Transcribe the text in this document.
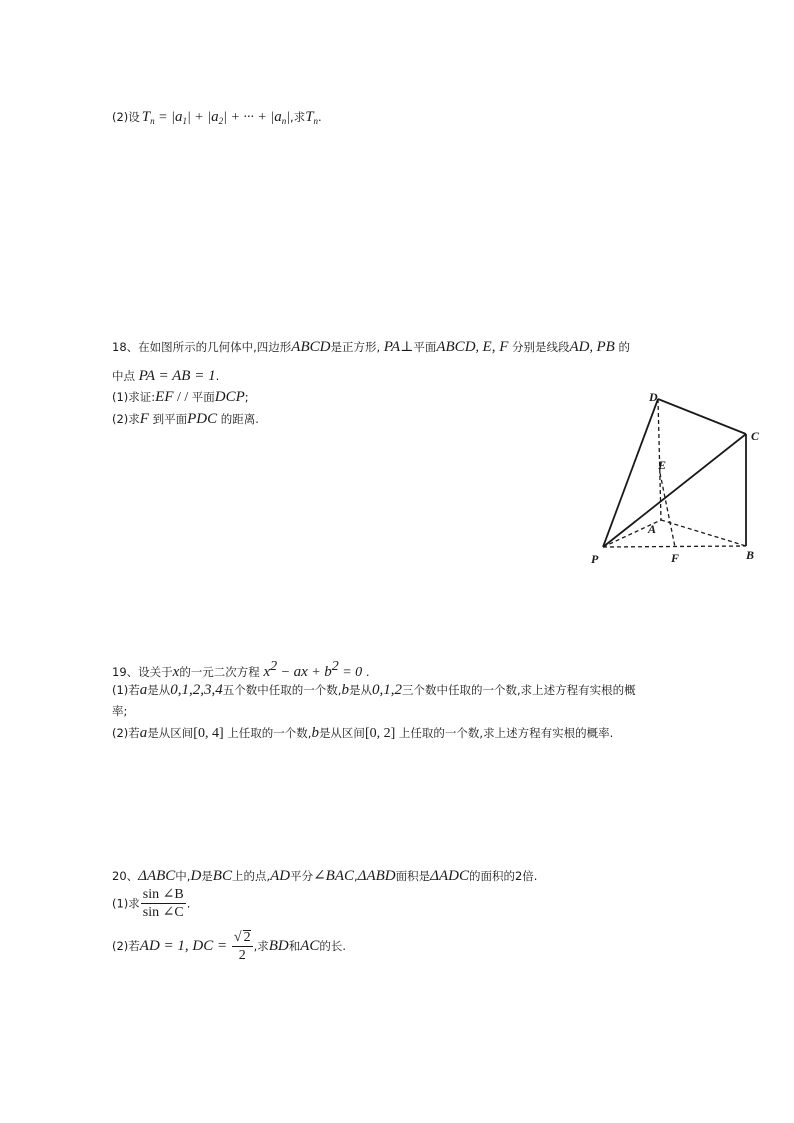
(2)设 $T_n = |a_1| + |a_2|$ + ··· + $|a_n|$,求$T_n$.
18、在如图所示的几何体中,四边形ABCD是正方形, PA⊥平面ABCD, E, F 分别是线段AD, PB 的
中点 PA = AB = 1.
(1)求证:EF / / 平面DCP;
(2)求F 到平面PDC 的距离.
D
C
E
A
P	F	B
19、设关于x的一元二次方程 $x^2$ − ax + $b^2 = 0$ .
(1)若a是从0,1,2,3,4五个数中任取的一个数,b是从0,1,2三个数中任取的一个数,求上述方程有实根的概
率;
(2)若a是从区间[0, 4] 上任取的一个数,b是从区间[0, 2] 上任取的一个数,求上述方程有实根的概率.
20、ΔABC中,D是BC上的点,AD平分∠BAC,ΔABD面积是ΔADC的面积的2倍.
(1)求 $\frac{\sin \angle B}{\sin \angle C}$ .
(2)若AD = 1, DC = $\frac{√ 2}{2}$ ,求BD和AC的长.
